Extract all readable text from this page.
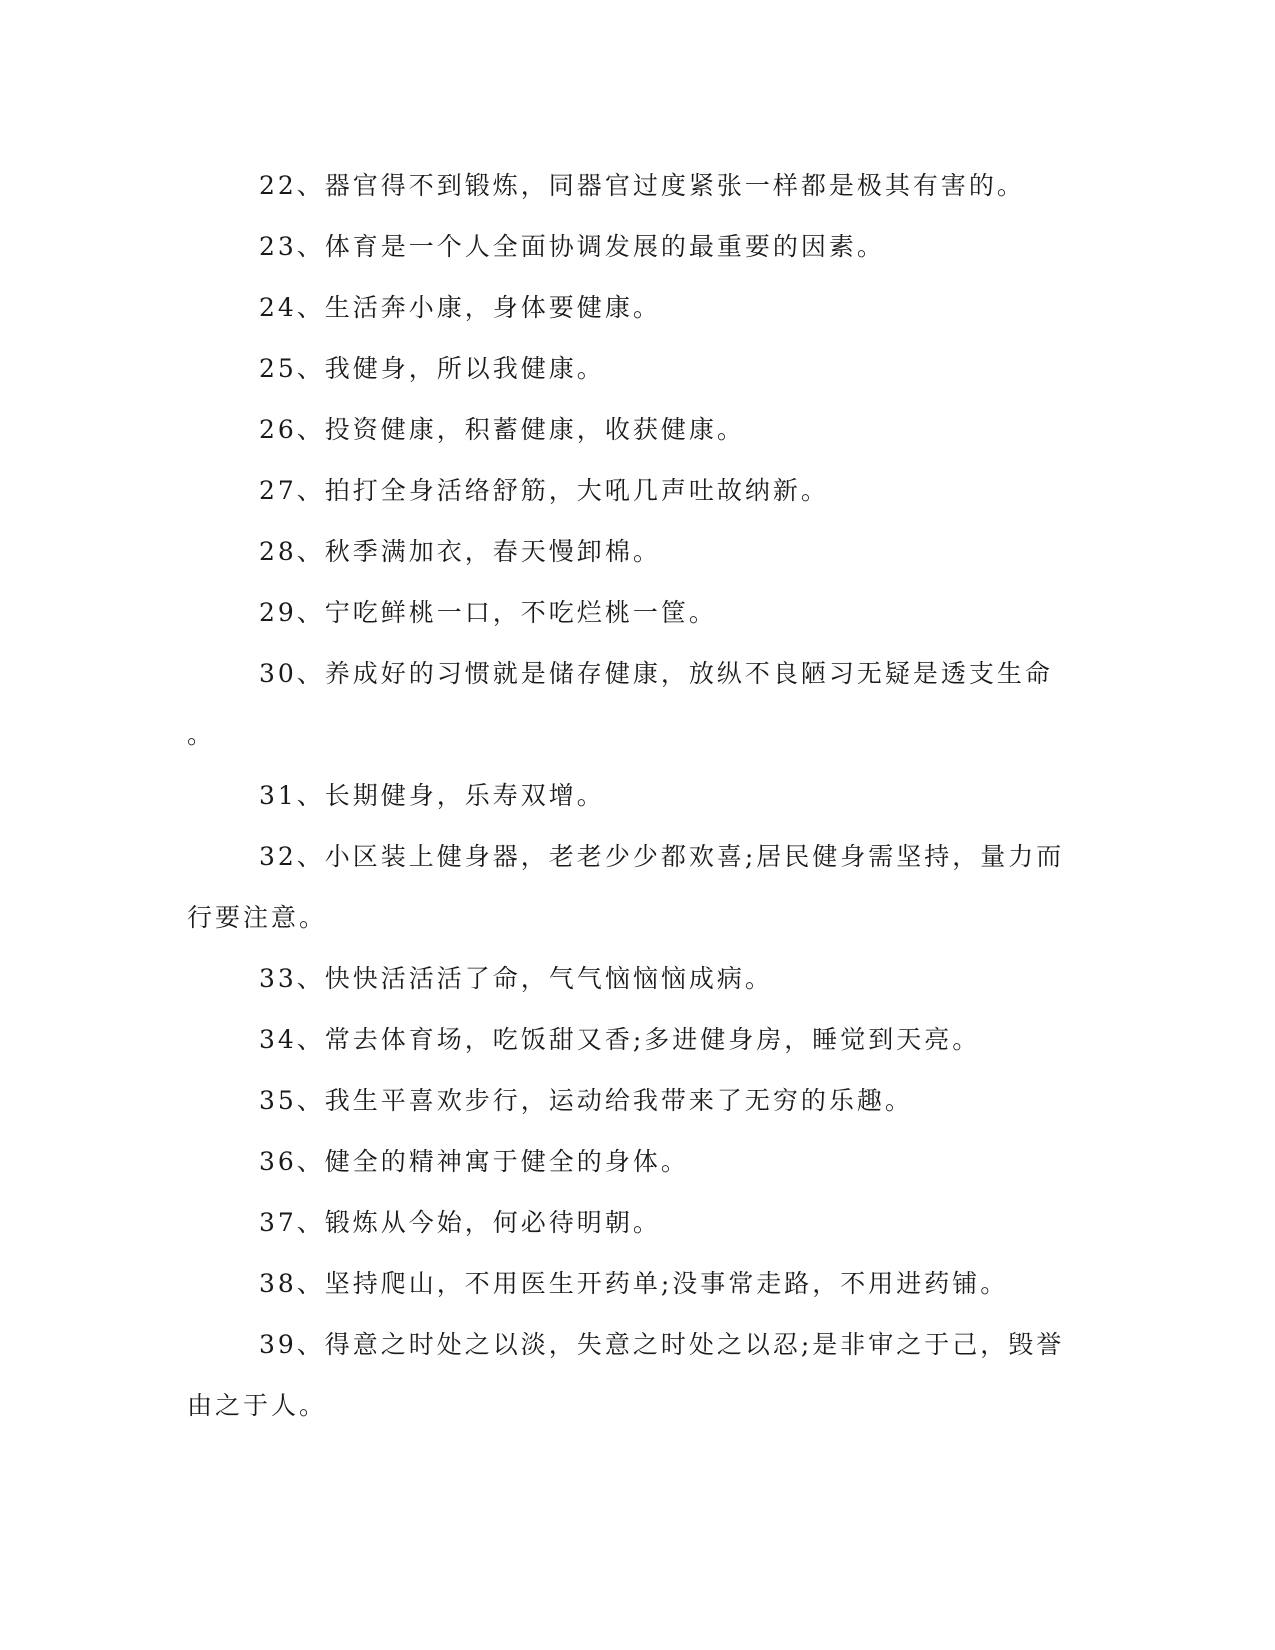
22、器官得不到锻炼，同器官过度紧张一样都是极其有害的。
23、体育是一个人全面协调发展的最重要的因素。
24、生活奔小康，身体要健康。
25、我健身，所以我健康。
26、投资健康，积蓄健康，收获健康。
27、拍打全身活络舒筋，大吼几声吐故纳新。
28、秋季满加衣，春天慢卸棉。
29、宁吃鲜桃一口，不吃烂桃一筐。
30、养成好的习惯就是储存健康，放纵不良陋习无疑是透支生命
。
31、长期健身，乐寿双增。
32、小区装上健身器，老老少少都欢喜;居民健身需坚持，量力而
行要注意。
33、快快活活活了命，气气恼恼恼成病。
34、常去体育场，吃饭甜又香;多进健身房，睡觉到天亮。
35、我生平喜欢步行，运动给我带来了无穷的乐趣。
36、健全的精神寓于健全的身体。
37、锻炼从今始，何必待明朝。
38、坚持爬山，不用医生开药单;没事常走路，不用进药铺。
39、得意之时处之以淡，失意之时处之以忍;是非审之于己，毁誉
由之于人。
